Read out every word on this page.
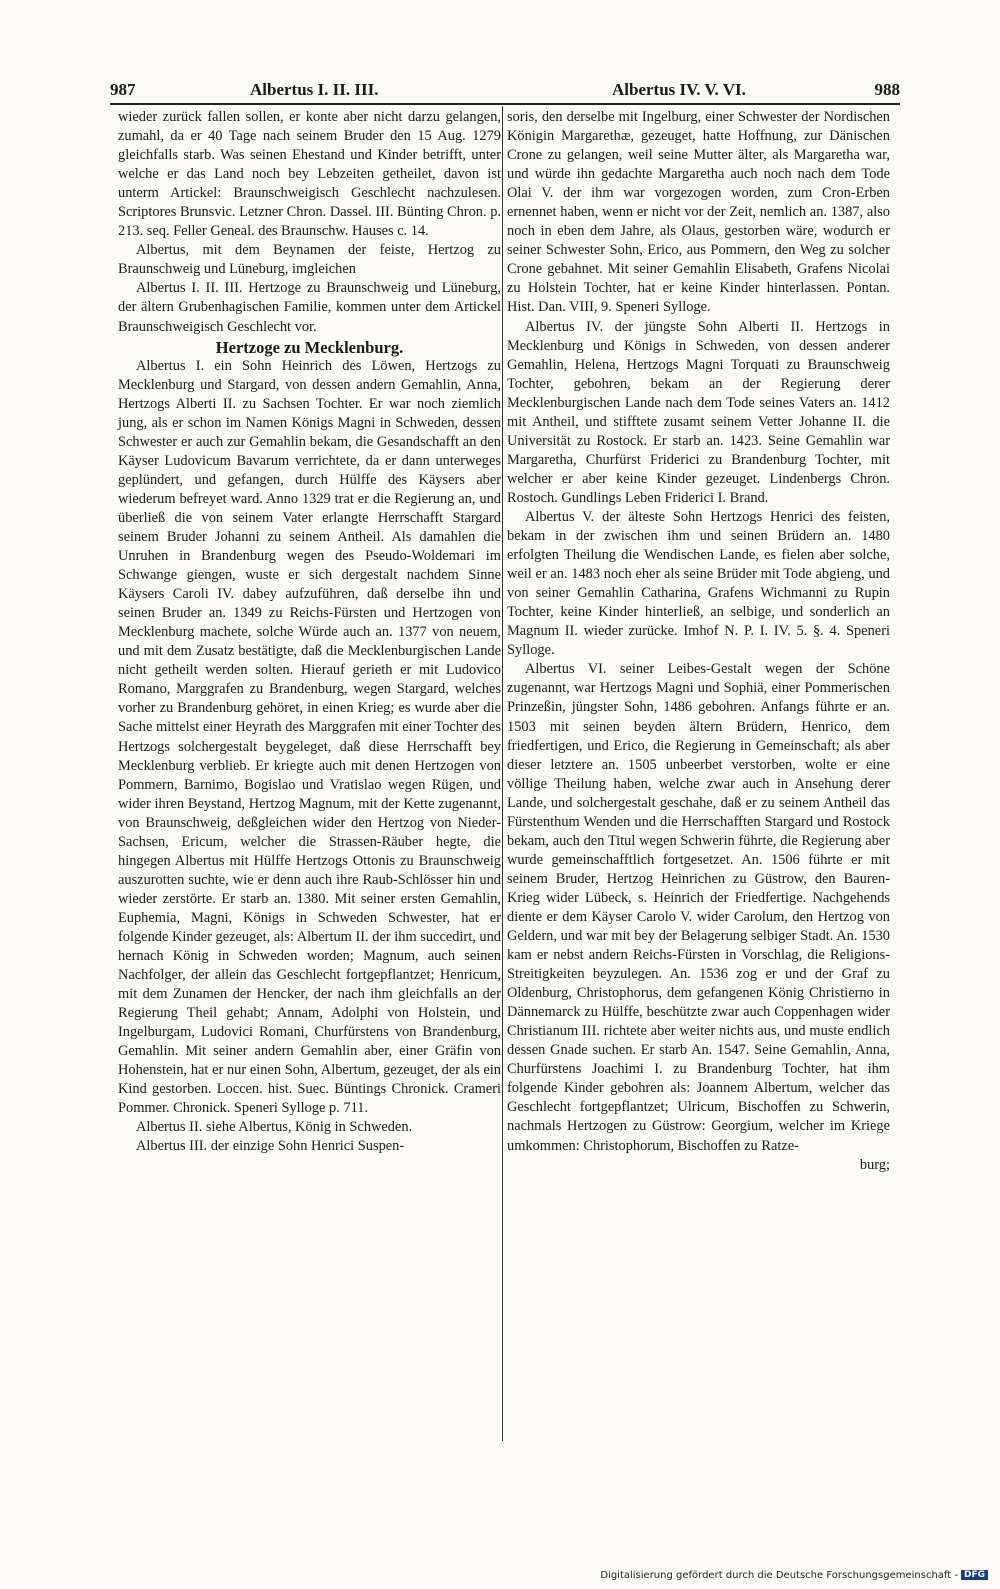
987	Albertus I. II. III.	Albertus IV. V. VI.	988

wieder zurück fallen sollen, er konte aber nicht darzu gelangen, zumahl, da er 40 Tage nach seinem Bruder den 15 Aug. 1279 gleichfalls starb. Was seinen Ehestand und Kinder betrifft, unter welche er das Land noch bey Lebzeiten getheilet, davon ist unterm Artickel: Braunschweigisch Geschlecht nachzulesen. Scriptores Brunsvic. Letzner Chron. Dassel. III. Bünting Chron. p. 213. seq. Feller Geneal. des Braunschw. Hauses c. 14.

Albertus, mit dem Beynamen der feiste, Hertzog zu Braunschweig und Lüneburg, imgleichen

Albertus I. II. III. Hertzoge zu Braunschweig und Lüneburg, der ältern Grubenhagischen Familie, kommen unter dem Artickel Braunschweigisch Geschlecht vor.

Hertzoge zu Mecklenburg.

Albertus I. ein Sohn Heinrich des Löwen, Hertzogs zu Mecklenburg und Stargard, von dessen andern Gemahlin, Anna, Hertzogs Alberti II. zu Sachsen Tochter. Er war noch ziemlich jung, als er schon im Namen Königs Magni in Schweden, dessen Schwester er auch zur Gemahlin bekam, die Gesandschafft an den Käyser Ludovicum Bavarum verrichtete, da er dann unterweges geplündert, und gefangen, durch Hülffe des Käysers aber wiederum befreyet ward. Anno 1329 trat er die Regierung an, und überließ die von seinem Vater erlangte Herrschafft Stargard seinem Bruder Johanni zu seinem Antheil. Als damahlen die Unruhen in Brandenburg wegen des Pseudo-Woldemari im Schwange giengen, wuste er sich dergestalt nachdem Sinne Käysers Caroli IV. dabey aufzuführen, daß derselbe ihn und seinen Bruder an. 1349 zu Reichs-Fürsten und Hertzogen von Mecklenburg machete, solche Würde auch an. 1377 von neuem, und mit dem Zusatz bestätigte, daß die Mecklenburgischen Lande nicht getheilt werden solten. Hierauf gerieth er mit Ludovico Romano, Marggrafen zu Brandenburg, wegen Stargard, welches vorher zu Brandenburg gehöret, in einen Krieg; es wurde aber die Sache mittelst einer Heyrath des Marggrafen mit einer Tochter des Hertzogs solchergestalt beygeleget, daß diese Herrschafft bey Mecklenburg verblieb. Er kriegte auch mit denen Hertzogen von Pommern, Barnimo, Bogislao und Vratislao wegen Rügen, und wider ihren Beystand, Hertzog Magnum, mit der Kette zugenannt, von Braunschweig, deßgleichen wider den Hertzog von Nieder-Sachsen, Ericum, welcher die Strassen-Räuber hegte, die hingegen Albertus mit Hülffe Hertzogs Ottonis zu Braunschweig auszurotten suchte, wie er denn auch ihre Raub-Schlösser hin und wieder zerstörte. Er starb an. 1380. Mit seiner ersten Gemahlin, Euphemia, Magni, Königs in Schweden Schwester, hat er folgende Kinder gezeuget, als: Albertum II. der ihm succedirt, und hernach König in Schweden worden; Magnum, auch seinen Nachfolger, der allein das Geschlecht fortgepflantzet; Henricum, mit dem Zunamen der Hencker, der nach ihm gleichfalls an der Regierung Theil gehabt; Annam, Adolphi von Holstein, und Ingelburgam, Ludovici Romani, Churfürstens von Brandenburg, Gemahlin. Mit seiner andern Gemahlin aber, einer Gräfin von Hohenstein, hat er nur einen Sohn, Albertum, gezeuget, der als ein Kind gestorben. Loccen. hist. Suec. Büntings Chronick. Crameri Pommer. Chronick. Speneri Sylloge p. 711.

Albertus II. siehe Albertus, König in Schweden.

Albertus III. der einzige Sohn Henrici Suspen-

soris, den derselbe mit Ingelburg, einer Schwester der Nordischen Königin Margarethæ, gezeuget, hatte Hoffnung, zur Dänischen Crone zu gelangen, weil seine Mutter älter, als Margaretha war, und würde ihn gedachte Margaretha auch noch nach dem Tode Olai V. der ihm war vorgezogen worden, zum Cron-Erben ernennet haben, wenn er nicht vor der Zeit, nemlich an. 1387, also noch in eben dem Jahre, als Olaus, gestorben wäre, wodurch er seiner Schwester Sohn, Erico, aus Pommern, den Weg zu solcher Crone gebahnet. Mit seiner Gemahlin Elisabeth, Grafens Nicolai zu Holstein Tochter, hat er keine Kinder hinterlassen. Pontan. Hist. Dan. VIII, 9. Speneri Sylloge.

Albertus IV. der jüngste Sohn Alberti II. Hertzogs in Mecklenburg und Königs in Schweden, von dessen anderer Gemahlin, Helena, Hertzogs Magni Torquati zu Braunschweig Tochter, gebohren, bekam an der Regierung derer Mecklenburgischen Lande nach dem Tode seines Vaters an. 1412 mit Antheil, und stifftete zusamt seinem Vetter Johanne II. die Universität zu Rostock. Er starb an. 1423. Seine Gemahlin war Margaretha, Churfürst Friderici zu Brandenburg Tochter, mit welcher er aber keine Kinder gezeuget. Lindenbergs Chron. Rostoch. Gundlings Leben Friderici I. Brand.

Albertus V. der älteste Sohn Hertzogs Henrici des feisten, bekam in der zwischen ihm und seinen Brüdern an. 1480 erfolgten Theilung die Wendischen Lande, es fielen aber solche, weil er an. 1483 noch eher als seine Brüder mit Tode abgieng, und von seiner Gemahlin Catharina, Grafens Wichmanni zu Rupin Tochter, keine Kinder hinterließ, an selbige, und sonderlich an Magnum II. wieder zurücke. Imhof N. P. I. IV. 5. §. 4. Speneri Sylloge.

Albertus VI. seiner Leibes-Gestalt wegen der Schöne zugenannt, war Hertzogs Magni und Sophiä, einer Pommerischen Prinzeßin, jüngster Sohn, 1486 gebohren. Anfangs führte er an. 1503 mit seinen beyden ältern Brüdern, Henrico, dem friedfertigen, und Erico, die Regierung in Gemeinschaft; als aber dieser letztere an. 1505 unbeerbet verstorben, wolte er eine völlige Theilung haben, welche zwar auch in Ansehung derer Lande, und solchergestalt geschahe, daß er zu seinem Antheil das Fürstenthum Wenden und die Herrschafften Stargard und Rostock bekam, auch den Titul wegen Schwerin führte, die Regierung aber wurde gemeinschafftlich fortgesetzet. An. 1506 führte er mit seinem Bruder, Hertzog Heinrichen zu Güstrow, den Bauren-Krieg wider Lübeck, s. Heinrich der Friedfertige. Nachgehends diente er dem Käyser Carolo V. wider Carolum, den Hertzog von Geldern, und war mit bey der Belagerung selbiger Stadt. An. 1530 kam er nebst andern Reichs-Fürsten in Vorschlag, die Religions-Streitigkeiten beyzulegen. An. 1536 zog er und der Graf zu Oldenburg, Christophorus, dem gefangenen König Christierno in Dännemarck zu Hülffe, beschützte zwar auch Coppenhagen wider Christianum III. richtete aber weiter nichts aus, und muste endlich dessen Gnade suchen. Er starb An. 1547. Seine Gemahlin, Anna, Churfürstens Joachimi I. zu Brandenburg Tochter, hat ihm folgende Kinder gebohren als: Joannem Albertum, welcher das Geschlecht fortgepflantzet; Ulricum, Bischoffen zu Schwerin, nachmals Hertzogen zu Güstrow: Georgium, welcher im Kriege umkommen: Christophorum, Bischoffen zu Ratze-

burg;

Digitalisierung gefördert durch die Deutsche Forschungsgemeinschaft - DFG
